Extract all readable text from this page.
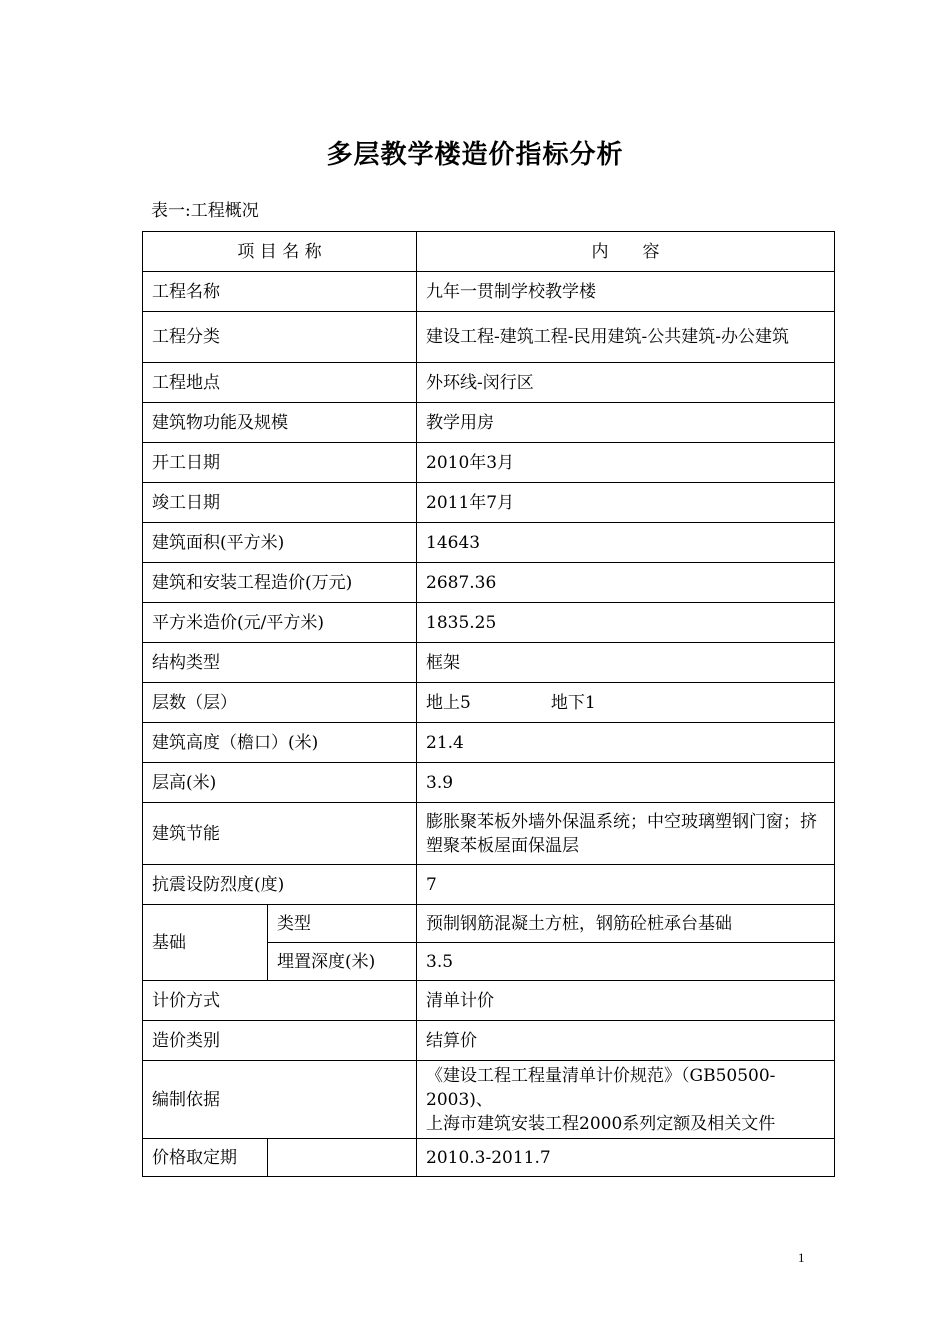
多层教学楼造价指标分析
表一:工程概况
项 目 名 称		内　　容
工程名称		九年一贯制学校教学楼
工程分类		建设工程-建筑工程-民用建筑-公共建筑-办公建筑
工程地点		外环线-闵行区
建筑物功能及规模		教学用房
开工日期		2010年3月
竣工日期		2011年7月
建筑面积(平方米)		14643
建筑和安装工程造价(万元)		2687.36
平方米造价(元/平方米)		1835.25
结构类型		框架
层数（层）		地上5 地下1
建筑高度（檐口）(米)		21.4
层高(米)		3.9
建筑节能		膨胀聚苯板外墙外保温系统；中空玻璃塑钢门窗；挤塑聚苯板屋面保温层
抗震设防烈度(度)		7
基础	类型	预制钢筋混凝土方桩，钢筋砼桩承台基础
	埋置深度(米)	3.5
计价方式		清单计价
造价类别		结算价
编制依据		《建设工程工程量清单计价规范》（GB50500-2003)、
上海市建筑安装工程2000系列定额及相关文件

价格取定期		2010.3-2011.7
1
